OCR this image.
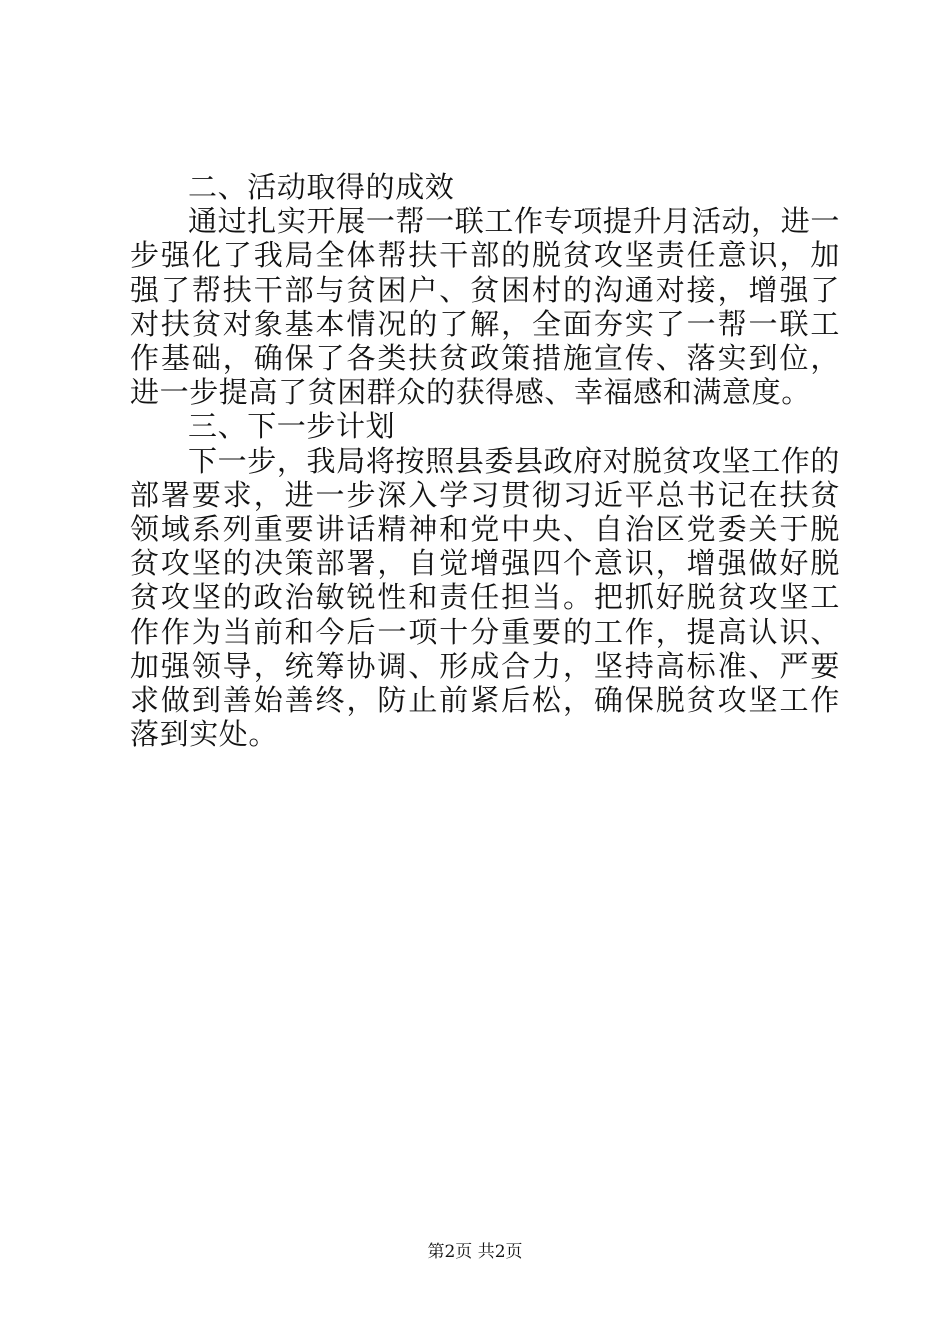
二、活动取得的成效

通过扎实开展一帮一联工作专项提升月活动，进一步强化了我局全体帮扶干部的脱贫攻坚责任意识，加强了帮扶干部与贫困户、贫困村的沟通对接，增强了对扶贫对象基本情况的了解，全面夯实了一帮一联工作基础，确保了各类扶贫政策措施宣传、落实到位，进一步提高了贫困群众的获得感、幸福感和满意度。

三、下一步计划

下一步，我局将按照县委县政府对脱贫攻坚工作的部署要求，进一步深入学习贯彻习近平总书记在扶贫领域系列重要讲话精神和党中央、自治区党委关于脱贫攻坚的决策部署，自觉增强四个意识，增强做好脱贫攻坚的政治敏锐性和责任担当。把抓好脱贫攻坚工作作为当前和今后一项十分重要的工作，提高认识、加强领导，统筹协调、形成合力，坚持高标准、严要求做到善始善终，防止前紧后松，确保脱贫攻坚工作落到实处。

第2页 共2页
